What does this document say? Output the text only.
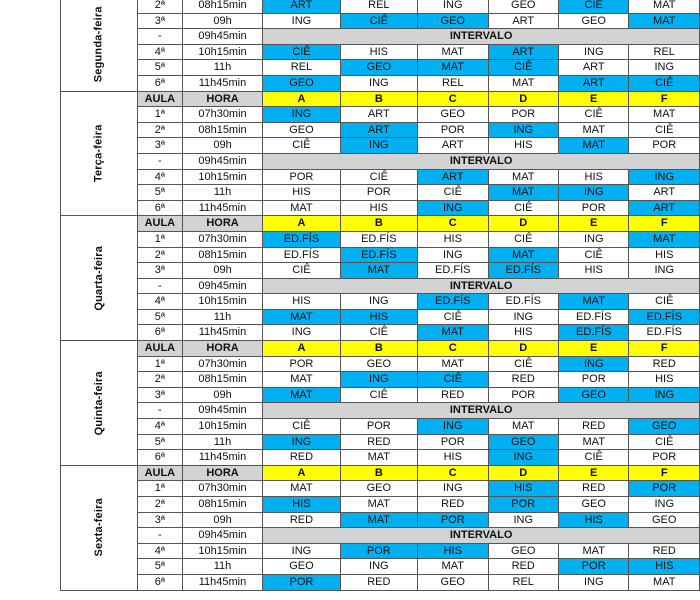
Segunda-feira	2ª	08h15min	ART	REL	ING	GEO	CIÊ	MAT
	3ª	09h	ING	CIÊ	GEO	ART	GEO	MAT
	-	09h45min	INTERVALO					
	4ª	10h15min	CIÊ	HIS	MAT	ART	ING	REL
	5ª	11h	REL	GEO	MAT	CIÊ	ART	ING
	6ª	11h45min	GEO	ING	REL	MAT	ART	CIÊ
Terça-feira	AULA	HORA	A	B	C	D	E	F
	1ª	07h30min	ING	ART	GEO	POR	CIÊ	MAT
	2ª	08h15min	GEO	ART	POR	ING	MAT	CIÊ
	3ª	09h	CIÊ	ING	ART	HIS	MAT	POR
	-	09h45min	INTERVALO					
	4ª	10h15min	POR	CIÊ	ART	MAT	HIS	ING
	5ª	11h	HIS	POR	CIÊ	MAT	ING	ART
	6ª	11h45min	MAT	HIS	ING	CIÊ	POR	ART
Quarta-feira	AULA	HORA	A	B	C	D	E	F
	1ª	07h30min	ED.FÍS	ED.FÍS	HIS	CIÊ	ING	MAT
	2ª	08h15min	ED.FÍS	ED.FÍS	ING	MAT	CIÊ	HIS
	3ª	09h	CIÊ	MAT	ED.FÍS	ED.FÍS	HIS	ING
	-	09h45min	INTERVALO					
	4ª	10h15min	HIS	ING	ED.FÍS	ED.FÍS	MAT	CIÊ
	5ª	11h	MAT	HIS	CIÊ	ING	ED.FÍS	ED.FÍS
	6ª	11h45min	ING	CIÊ	MAT	HIS	ED.FÍS	ED.FÍS
Quinta-feira	AULA	HORA	A	B	C	D	E	F
	1ª	07h30min	POR	GEO	MAT	CIÊ	ING	RED
	2ª	08h15min	MAT	ING	CIÊ	RED	POR	HIS
	3ª	09h	MAT	CIÊ	RED	POR	GEO	ING
	-	09h45min	INTERVALO					
	4ª	10h15min	CIÊ	POR	ING	MAT	RED	GEO
	5ª	11h	ING	RED	POR	GEO	MAT	CIÊ
	6ª	11h45min	RED	MAT	HIS	ING	CIÊ	POR
Sexta-feira	AULA	HORA	A	B	C	D	E	F
	1ª	07h30min	MAT	GEO	ING	HIS	RED	POR
	2ª	08h15min	HIS	MAT	RED	POR	GEO	ING
	3ª	09h	RED	MAT	POR	ING	HIS	GEO
	-	09h45min	INTERVALO					
	4ª	10h15min	ING	POR	HIS	GEO	MAT	RED
	5ª	11h	GEO	ING	MAT	RED	POR	HIS
	6ª	11h45min	POR	RED	GEO	REL	ING	MAT
